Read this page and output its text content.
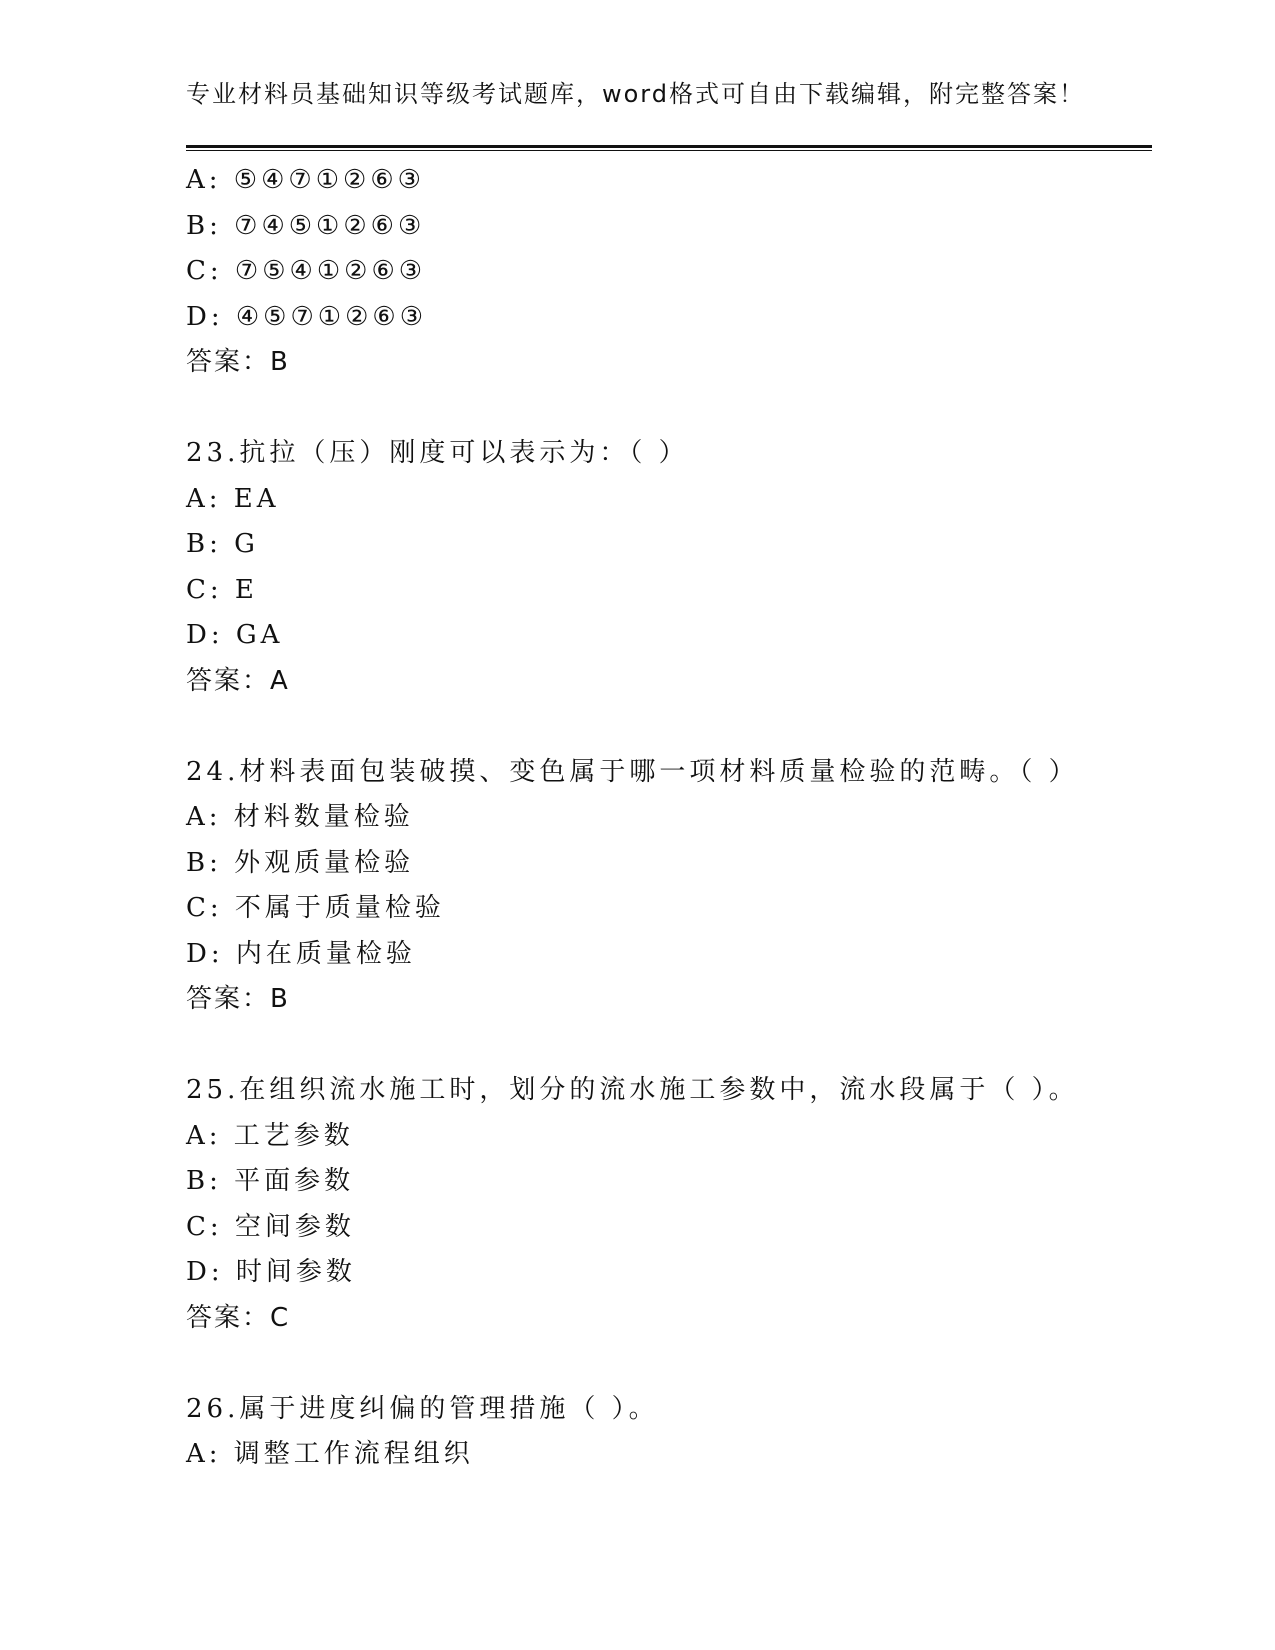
专业材料员基础知识等级考试题库，word格式可自由下载编辑，附完整答案！
A: ⑤④⑦①②⑥③
B: ⑦④⑤①②⑥③
C: ⑦⑤④①②⑥③
D: ④⑤⑦①②⑥③
答案：B
23.抗拉（压）刚度可以表示为：（ ）
A: EA
B: G
C: E
D: GA
答案：A
24.材料表面包装破摸、变色属于哪一项材料质量检验的范畴。（ ）
A: 材料数量检验
B: 外观质量检验
C: 不属于质量检验
D: 内在质量检验
答案：B
25.在组织流水施工时，划分的流水施工参数中，流水段属于（ ）。
A: 工艺参数
B: 平面参数
C: 空间参数
D: 时间参数
答案：C
26.属于进度纠偏的管理措施（ ）。
A: 调整工作流程组织
